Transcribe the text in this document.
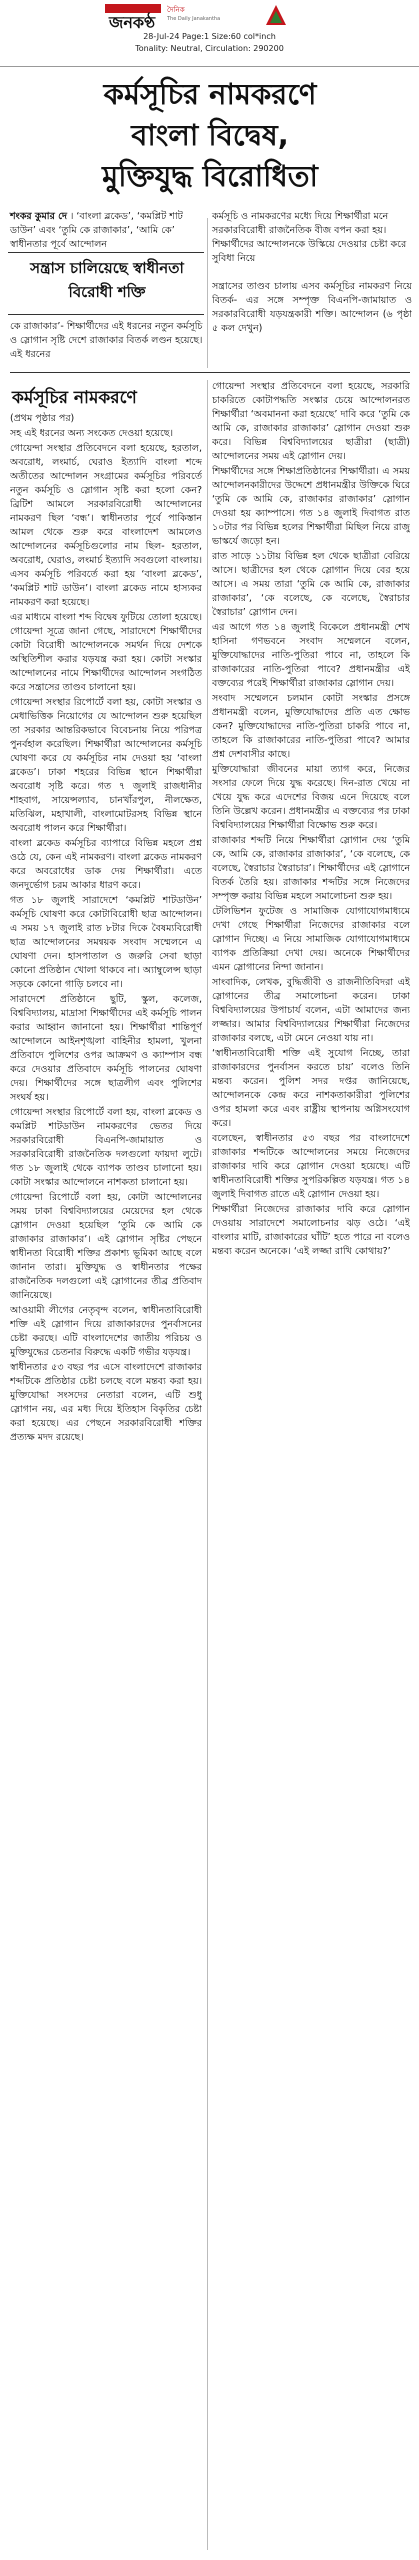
জনকণ্ঠ
দৈনিক
The Daily Janakantha
28-Jul-24 Page:1 Size:60 col*inch
Tonality: Neutral, Circulation: 290200
কর্মসূচির নামকরণে
বাংলা বিদ্বেষ,
মুক্তিযুদ্ধ বিরোধিতা
শংকর কুমার দে । ‘বাংলা ব্লকেড’, ‘কমপ্লিট শাট ডাউন’ এবং ‘তুমি কে রাজাকার’, ‘আমি কে’ স্বাধীনতার পূর্বে আন্দোলন
কর্মসূচি ও নামকরণের মধ্যে দিয়ে শিক্ষার্থীরা মনে সরকারবিরোধী রাজনৈতিক বীজ বপন করা হয়। শিক্ষার্থীদের আন্দোলনকে উস্কিয়ে দেওয়ার চেষ্টা করে সুবিধা নিয়ে
সন্ত্রাস চালিয়েছে স্বাধীনতা
বিরোধী শক্তি
কে রাজাকার’- শিক্ষার্থীদের এই ধরনের নতুন কর্মসূচি ও স্লোগান সৃষ্টি দেশে রাজাকার বিতর্ক লণ্ডন হয়েছে। এই ধরনের
সন্ত্রাসের তাণ্ডব চালায় এসব কর্মসূচির নামকরণ নিয়ে বিতর্ক- এর সঙ্গে সম্পৃক্ত বিএনপি-জামায়াত ও সরকারবিরোধী যড়যন্ত্রকারী শক্তি। আন্দোলন (৬ পৃষ্ঠা ৫ কল দেখুন)
কর্মসূচির নামকরণে

(প্রথম পৃষ্ঠার পর)

সহ এই ধরনের অন্য সংকেত দেওয়া হয়েছে।

গোয়েন্দা সংস্থার প্রতিবেদনে বলা হয়েছে, হরতাল, অবরোধ, লংমার্চ, ঘেরাও ইত্যাদি বাংলা শব্দে অতীতের আন্দোলন সংগ্রামের কর্মসূচির পরিবর্তে নতুন কর্মসূচি ও স্লোগান সৃষ্টি করা হলো কেন? ব্রিটিশ আমলে সরকারবিরোধী আন্দোলনের নামকরণ ছিল ‘বন্ধ’। স্বাধীনতার পূর্বে পাকিস্তান আমল থেকে শুরু করে বাংলাদেশ আমলেও আন্দোলনের কর্মসূচিগুলোর নাম ছিল- হরতাল, অবরোধ, ঘেরাও, লংমার্চ ইত্যাদি সবগুলো বাংলায়। এসব কর্মসূচি পরিবর্তে করা হয় ‘বাংলা ব্লকেড’, ‘কমপ্লিট শাট ডাউন’। বাংলা ব্লকেড নামে হাস্যকর নামকরণ করা হয়েছে।

এর মাধ্যমে বাংলা শব্দ বিদ্বেষ ফুটিয়ে তোলা হয়েছে। গোয়েন্দা সূত্রে জানা গেছে, সারাদেশে শিক্ষার্থীদের কোটা বিরোধী আন্দোলনকে সমর্থন দিয়ে দেশকে অস্থিতিশীল করার যড়যন্ত্র করা হয়। কোটা সংস্কার আন্দোলনের নামে শিক্ষার্থীদের আন্দোলন সংগঠিত করে সন্ত্রাসের তাণ্ডব চালানো হয়।

গোয়েন্দা সংস্থার রিপোর্টে বলা হয়, কোটা সংস্কার ও মেধাভিত্তিক নিয়োগের যে আন্দোলন শুরু হয়েছিল তা সরকার আন্তরিকভাবে বিবেচনায় নিয়ে পরিপত্র পুনর্বহাল করেছিল। শিক্ষার্থীরা আন্দোলনের কর্মসূচি ঘোষণা করে যে কর্মসূচির নাম দেওয়া হয় ‘বাংলা ব্লকেড’। ঢাকা শহরের বিভিন্ন স্থানে শিক্ষার্থীরা অবরোধ সৃষ্টি করে। গত ৭ জুলাই রাজধানীর শাহবাগ, সায়েন্সল্যাব, চানখাঁরপুল, নীলক্ষেত, মতিঝিল, মহাখালী, বাংলামোটরসহ বিভিন্ন স্থানে অবরোধ পালন করে শিক্ষার্থীরা।

বাংলা ব্লকেড কর্মসূচির ব্যাপারে বিভিন্ন মহলে প্রশ্ন ওঠে যে, কেন এই নামকরণ। বাংলা ব্লকেড নামকরণ করে অবরোধের ডাক দেয় শিক্ষার্থীরা। এতে জনদুর্ভোগ চরম আকার ধারণ করে।

গত ১৮ জুলাই সারাদেশে ‘কমপ্লিট শাটডাউন’ কর্মসূচি ঘোষণা করে কোটাবিরোধী ছাত্র আন্দোলন। এ সময় ১৭ জুলাই রাত ৮টার দিকে বৈষম্যবিরোধী ছাত্র আন্দোলনের সমন্বয়ক সংবাদ সম্মেলনে এ ঘোষণা দেন। হাসপাতাল ও জরুরি সেবা ছাড়া কোনো প্রতিষ্ঠান খোলা থাকবে না। অ্যাম্বুলেন্স ছাড়া সড়কে কোনো গাড়ি চলবে না।

সারাদেশে প্রতিষ্ঠানে ছুটি, স্কুল, কলেজ, বিশ্ববিদ্যালয়, মাদ্রাসা শিক্ষার্থীদের এই কর্মসূচি পালন করার আহ্বান জানানো হয়। শিক্ষার্থীরা শান্তিপূর্ণ আন্দোলনে আইনশৃঙ্খলা বাহিনীর হামলা, খুলনা প্রতিবাদে পুলিশের ওপর আক্রমণ ও ক্যাম্পাস বন্ধ করে দেওয়ার প্রতিবাদে কর্মসূচি পালনের ঘোষণা দেয়। শিক্ষার্থীদের সঙ্গে ছাত্রলীগ এবং পুলিশের সংঘর্ষ হয়।

গোয়েন্দা সংস্থার রিপোর্টে বলা হয়, বাংলা ব্লকেড ও কমপ্লিট শাটডাউন নামকরণের ভেতর দিয়ে সরকারবিরোধী বিএনপি-জামায়াত ও সরকারবিরোধী রাজনৈতিক দলগুলো ফায়দা লুটে। গত ১৮ জুলাই থেকে ব্যাপক তাণ্ডব চালানো হয়। কোটা সংস্কার আন্দোলনে নাশকতা চালানো হয়।

গোয়েন্দা রিপোর্টে বলা হয়, কোটা আন্দোলনের সময় ঢাকা বিশ্ববিদ্যালয়ের মেয়েদের হল থেকে স্লোগান দেওয়া হয়েছিল ‘তুমি কে আমি কে রাজাকার রাজাকার’। এই স্লোগান সৃষ্টির পেছনে স্বাধীনতা বিরোধী শক্তির প্রকাশ্য ভূমিকা আছে বলে জানান তারা। মুক্তিযুদ্ধ ও স্বাধীনতার পক্ষের রাজনৈতিক দলগুলো এই স্লোগানের তীব্র প্রতিবাদ জানিয়েছে।

আওয়ামী লীগের নেতৃবৃন্দ বলেন, স্বাধীনতাবিরোধী শক্তি এই স্লোগান দিয়ে রাজাকারদের পুনর্বাসনের চেষ্টা করছে। এটি বাংলাদেশের জাতীয় পরিচয় ও মুক্তিযুদ্ধের চেতনার বিরুদ্ধে একটি গভীর যড়যন্ত্র।

স্বাধীনতার ৫৩ বছর পর এসে বাংলাদেশে রাজাকার শব্দটিকে প্রতিষ্ঠার চেষ্টা চলছে বলে মন্তব্য করা হয়। মুক্তিযোদ্ধা সংসদের নেতারা বলেন, এটি শুধু স্লোগান নয়, এর মধ্য দিয়ে ইতিহাস বিকৃতির চেষ্টা করা হয়েছে। এর পেছনে সরকারবিরোধী শক্তির প্রত্যক্ষ মদদ রয়েছে।

গোয়েন্দা সংস্থার প্রতিবেদনে বলা হয়েছে, সরকারি চাকরিতে কোটাপদ্ধতি সংস্কার চেয়ে আন্দোলনরত শিক্ষার্থীরা ‘অবমাননা করা হয়েছে’ দাবি করে ‘তুমি কে আমি কে, রাজাকার রাজাকার’ স্লোগান দেওয়া শুরু করে। বিভিন্ন বিশ্ববিদ্যালয়ের ছাত্রীরা (ছাত্রী) আন্দোলনের সময় এই স্লোগান দেয়।

শিক্ষার্থীদের সঙ্গে শিক্ষাপ্রতিষ্ঠানের শিক্ষার্থীরা। এ সময় আন্দোলনকারীদের উদ্দেশে প্রধানমন্ত্রীর উক্তিকে ঘিরে ‘তুমি কে আমি কে, রাজাকার রাজাকার’ স্লোগান দেওয়া হয় ক্যাম্পাসে। গত ১৪ জুলাই দিবাগত রাত ১০টার পর বিভিন্ন হলের শিক্ষার্থীরা মিছিল নিয়ে রাজু ভাস্কর্যে জড়ো হন।

রাত সাড়ে ১১টায় বিভিন্ন হল থেকে ছাত্রীরা বেরিয়ে আসে। ছাত্রীদের হল থেকে স্লোগান দিয়ে বের হয়ে আসে। এ সময় তারা ‘তুমি কে আমি কে, রাজাকার রাজাকার’, ‘কে বলেছে, কে বলেছে, স্বৈরাচার স্বৈরাচার’ স্লোগান দেন।

এর আগে গত ১৪ জুলাই বিকেলে প্রধানমন্ত্রী শেখ হাসিনা গণভবনে সংবাদ সম্মেলনে বলেন, মুক্তিযোদ্ধাদের নাতি-পুতিরা পাবে না, তাহলে কি রাজাকারের নাতি-পুতিরা পাবে? প্রধানমন্ত্রীর এই বক্তব্যের পরেই শিক্ষার্থীরা রাজাকার স্লোগান দেয়।

সংবাদ সম্মেলনে চলমান কোটা সংস্কার প্রসঙ্গে প্রধানমন্ত্রী বলেন, মুক্তিযোদ্ধাদের প্রতি এত ক্ষোভ কেন? মুক্তিযোদ্ধাদের নাতি-পুতিরা চাকরি পাবে না, তাহলে কি রাজাকারের নাতি-পুতিরা পাবে? আমার প্রশ্ন দেশবাসীর কাছে।

মুক্তিযোদ্ধারা জীবনের মায়া ত্যাগ করে, নিজের সংসার ফেলে দিয়ে যুদ্ধ করেছে। দিন-রাত খেয়ে না খেয়ে যুদ্ধ করে এদেশের বিজয় এনে দিয়েছে বলে তিনি উল্লেখ করেন। প্রধানমন্ত্রীর এ বক্তব্যের পর ঢাকা বিশ্ববিদ্যালয়ের শিক্ষার্থীরা বিক্ষোভ শুরু করে।

রাজাকার শব্দটি নিয়ে শিক্ষার্থীরা স্লোগান দেয় ‘তুমি কে, আমি কে, রাজাকার রাজাকার’, ‘কে বলেছে, কে বলেছে, স্বৈরাচার স্বৈরাচার’। শিক্ষার্থীদের এই স্লোগানে বিতর্ক তৈরি হয়। রাজাকার শব্দটির সঙ্গে নিজেদের সম্পৃক্ত করায় বিভিন্ন মহলে সমালোচনা শুরু হয়।

টেলিভিশন ফুটেজ ও সামাজিক যোগাযোগমাধ্যমে দেখা গেছে শিক্ষার্থীরা নিজেদের রাজাকার বলে স্লোগান দিচ্ছে। এ নিয়ে সামাজিক যোগাযোগমাধ্যমে ব্যাপক প্রতিক্রিয়া দেখা দেয়। অনেকে শিক্ষার্থীদের এমন স্লোগানের নিন্দা জানান।

সাংবাদিক, লেখক, বুদ্ধিজীবী ও রাজনীতিবিদরা এই স্লোগানের তীব্র সমালোচনা করেন। ঢাকা বিশ্ববিদ্যালয়ের উপাচার্য বলেন, এটা আমাদের জন্য লজ্জার। আমার বিশ্ববিদ্যালয়ের শিক্ষার্থীরা নিজেদের রাজাকার বলছে, এটা মেনে নেওয়া যায় না।

‘স্বাধীনতাবিরোধী শক্তি এই সুযোগ নিচ্ছে, তারা রাজাকারদের পুনর্বাসন করতে চায়’ বলেও তিনি মন্তব্য করেন। পুলিশ সদর দপ্তর জানিয়েছে, আন্দোলনকে কেন্দ্র করে নাশকতাকারীরা পুলিশের ওপর হামলা করে এবং রাষ্ট্রীয় স্থাপনায় অগ্নিসংযোগ করে।

বলেছেন, স্বাধীনতার ৫৩ বছর পর বাংলাদেশে রাজাকার শব্দটিকে আন্দোলনের সময়ে নিজেদের রাজাকার দাবি করে স্লোগান দেওয়া হয়েছে। এটি স্বাধীনতাবিরোধী শক্তির সুপরিকল্পিত যড়যন্ত্র। গত ১৪ জুলাই দিবাগত রাতে এই স্লোগান দেওয়া হয়।

শিক্ষার্থীরা নিজেদের রাজাকার দাবি করে স্লোগান দেওয়ায় সারাদেশে সমালোচনার ঝড় ওঠে। ‘এই বাংলার মাটি, রাজাকারের ঘাঁটি’ হতে পারে না বলেও মন্তব্য করেন অনেকে। ‘এই লজ্জা রাখি কোথায়?’
